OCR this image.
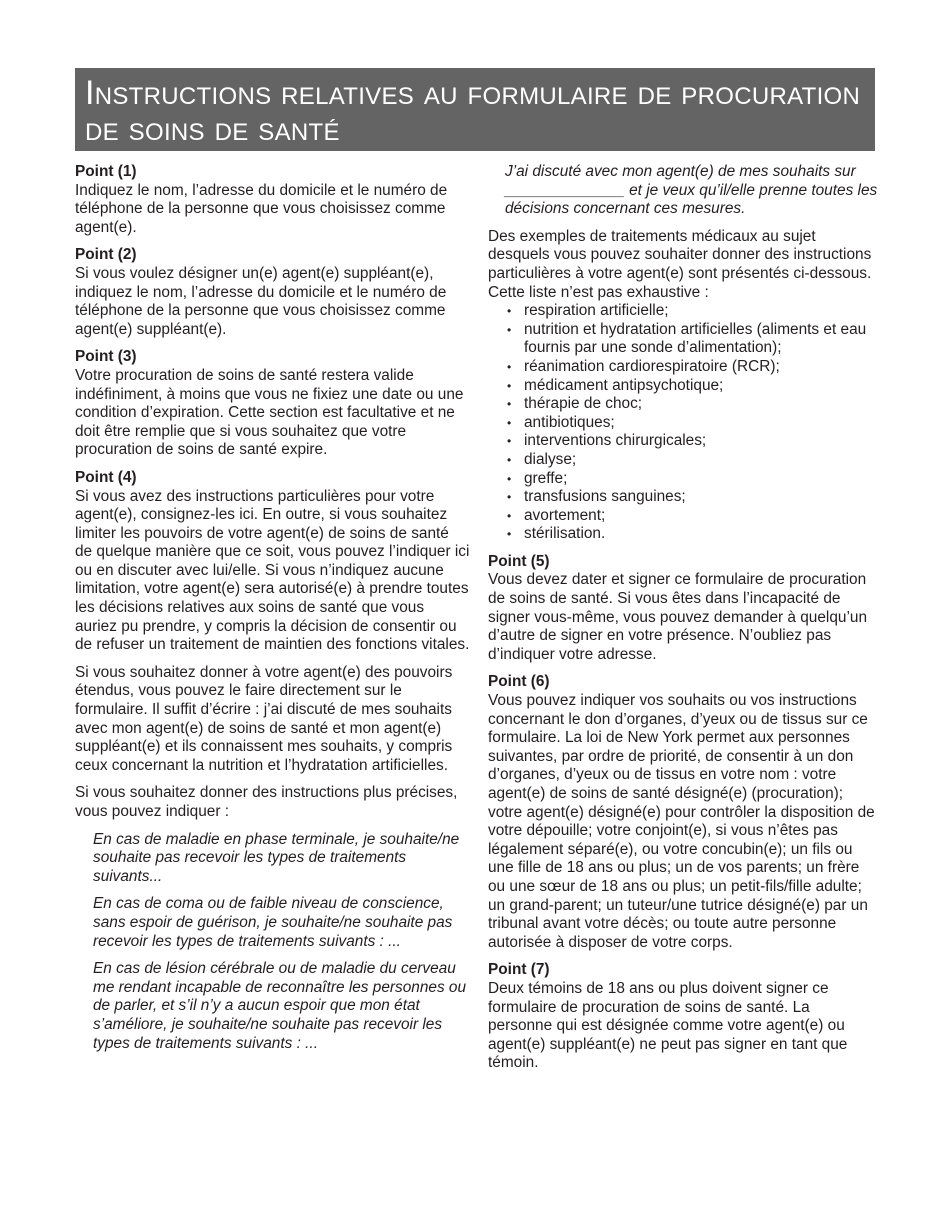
Instructions relatives au formulaire de procuration de soins de santé
Point (1)
Indiquez le nom, l’adresse du domicile et le numéro de téléphone de la personne que vous choisissez comme agent(e).
Point (2)
Si vous voulez désigner un(e) agent(e) suppléant(e), indiquez le nom, l’adresse du domicile et le numéro de téléphone de la personne que vous choisissez comme agent(e) suppléant(e).
Point (3)
Votre procuration de soins de santé restera valide indéfiniment, à moins que vous ne fixiez une date ou une condition d’expiration. Cette section est facultative et ne doit être remplie que si vous souhaitez que votre procuration de soins de santé expire.
Point (4)
Si vous avez des instructions particulières pour votre agent(e), consignez-les ici. En outre, si vous souhaitez limiter les pouvoirs de votre agent(e) de soins de santé de quelque manière que ce soit, vous pouvez l’indiquer ici ou en discuter avec lui/elle. Si vous n’indiquez aucune limitation, votre agent(e) sera autorisé(e) à prendre toutes les décisions relatives aux soins de santé que vous auriez pu prendre, y compris la décision de consentir ou de refuser un traitement de maintien des fonctions vitales.
Si vous souhaitez donner à votre agent(e) des pouvoirs étendus, vous pouvez le faire directement sur le formulaire. Il suffit d’écrire : j’ai discuté de mes souhaits avec mon agent(e) de soins de santé et mon agent(e) suppléant(e) et ils connaissent mes souhaits, y compris ceux concernant la nutrition et l’hydratation artificielles.
Si vous souhaitez donner des instructions plus précises, vous pouvez indiquer :
En cas de maladie en phase terminale, je souhaite/ne souhaite pas recevoir les types de traitements suivants...
En cas de coma ou de faible niveau de conscience, sans espoir de guérison, je souhaite/ne souhaite pas recevoir les types de traitements suivants : ...
En cas de lésion cérébrale ou de maladie du cerveau me rendant incapable de reconnaître les personnes ou de parler, et s’il n’y a aucun espoir que mon état s’améliore, je souhaite/ne souhaite pas recevoir les types de traitements suivants : ...
J’ai discuté avec mon agent(e) de mes souhaits sur ______________ et je veux qu’il/elle prenne toutes les décisions concernant ces mesures.
Des exemples de traitements médicaux au sujet desquels vous pouvez souhaiter donner des instructions particulières à votre agent(e) sont présentés ci-dessous. Cette liste n’est pas exhaustive :
• respiration artificielle;
• nutrition et hydratation artificielles (aliments et eau fournis par une sonde d’alimentation);
• réanimation cardiorespiratoire (RCR);
• médicament antipsychotique;
• thérapie de choc;
• antibiotiques;
• interventions chirurgicales;
• dialyse;
• greffe;
• transfusions sanguines;
• avortement;
• stérilisation.
Point (5)
Vous devez dater et signer ce formulaire de procuration de soins de santé. Si vous êtes dans l’incapacité de signer vous-même, vous pouvez demander à quelqu’un d’autre de signer en votre présence. N’oubliez pas d’indiquer votre adresse.
Point (6)
Vous pouvez indiquer vos souhaits ou vos instructions concernant le don d’organes, d’yeux ou de tissus sur ce formulaire. La loi de New York permet aux personnes suivantes, par ordre de priorité, de consentir à un don d’organes, d’yeux ou de tissus en votre nom : votre agent(e) de soins de santé désigné(e) (procuration); votre agent(e) désigné(e) pour contrôler la disposition de votre dépouille; votre conjoint(e), si vous n’êtes pas légalement séparé(e), ou votre concubin(e); un fils ou une fille de 18 ans ou plus; un de vos parents; un frère ou une sœur de 18 ans ou plus; un petit-fils/fille adulte; un grand-parent; un tuteur/une tutrice désigné(e) par un tribunal avant votre décès; ou toute autre personne autorisée à disposer de votre corps.
Point (7)
Deux témoins de 18 ans ou plus doivent signer ce formulaire de procuration de soins de santé. La personne qui est désignée comme votre agent(e) ou agent(e) suppléant(e) ne peut pas signer en tant que témoin.
